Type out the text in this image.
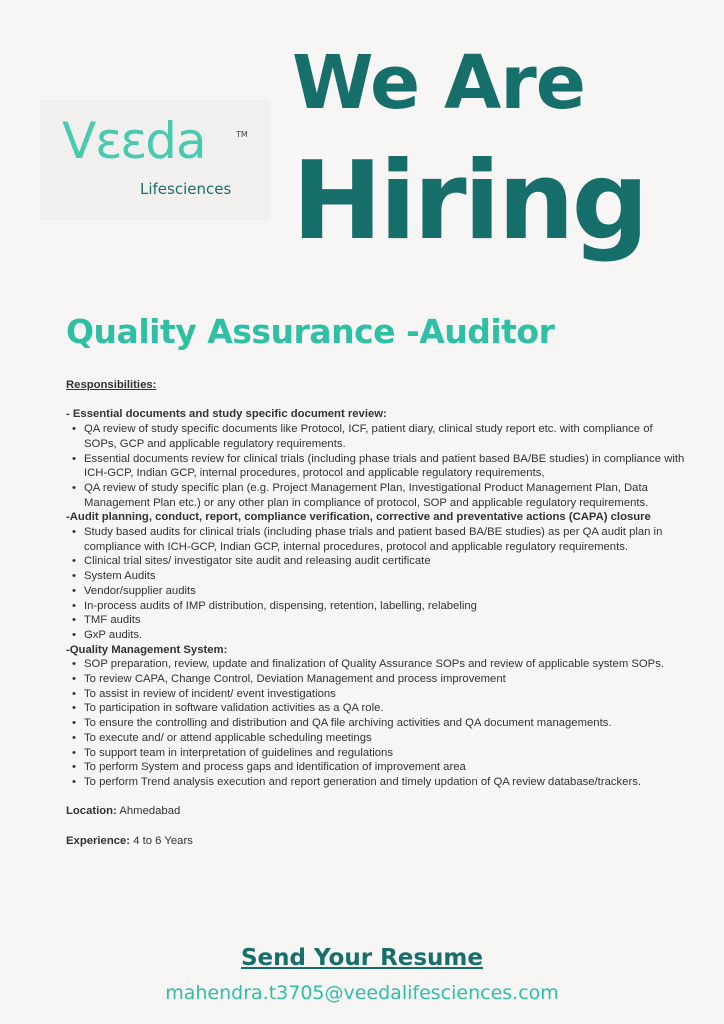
Vɛɛda	TM
Lifesciences
We Are
Hiring
Quality Assurance -Auditor
Responsibilities:
- Essential documents and study specific document review:
• QA review of study specific documents like Protocol, ICF, patient diary, clinical study report etc. with compliance of SOPs, GCP and applicable regulatory requirements.
• Essential documents review for clinical trials (including phase trials and patient based BA/BE studies) in compliance with ICH-GCP, Indian GCP, internal procedures, protocol and applicable regulatory requirements,
• QA review of study specific plan (e.g. Project Management Plan, Investigational Product Management Plan, Data Management Plan etc.) or any other plan in compliance of protocol, SOP and applicable regulatory requirements.
-Audit planning, conduct, report, compliance verification, corrective and preventative actions (CAPA) closure
• Study based audits for clinical trials (including phase trials and patient based BA/BE studies) as per QA audit plan in compliance with ICH-GCP, Indian GCP, internal procedures, protocol and applicable regulatory requirements.
• Clinical trial sites/ investigator site audit and releasing audit certificate
• System Audits
• Vendor/supplier audits
• In-process audits of IMP distribution, dispensing, retention, labelling, relabeling
• TMF audits
• GxP audits.
-Quality Management System:
• SOP preparation, review, update and finalization of Quality Assurance SOPs and review of applicable system SOPs.
• To review CAPA, Change Control, Deviation Management and process improvement
• To assist in review of incident/ event investigations
• To participation in software validation activities as a QA role.
• To ensure the controlling and distribution and QA file archiving activities and QA document managements.
• To execute and/ or attend applicable scheduling meetings
• To support team in interpretation of guidelines and regulations
• To perform System and process gaps and identification of improvement area
• To perform Trend analysis execution and report generation and timely updation of QA review database/trackers.
Location: Ahmedabad
Experience: 4 to 6 Years
Send Your Resume
mahendra.t3705@veedalifesciences.com
